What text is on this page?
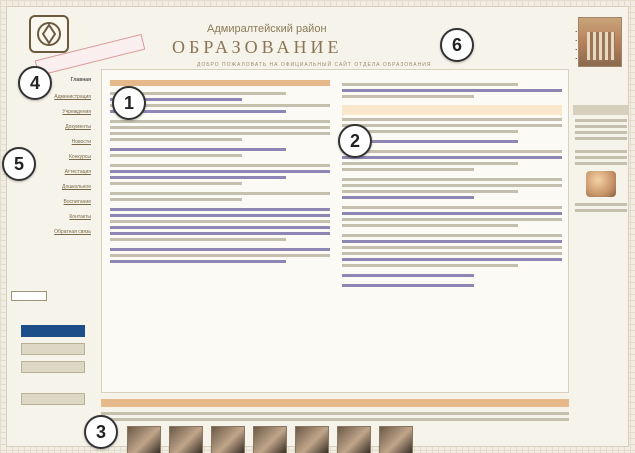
Адмиралтейский район
ОБРАЗОВАНИЕ
ДОБРО ПОЖАЛОВАТЬ НА ОФИЦИАЛЬНЫЙ САЙТ ОТДЕЛА ОБРАЗОВАНИЯ

Главная
Администрация
Учреждения
Документы
Новости
Конкурсы
Аттестация
Дошкольное
Воспитание
Контакты
Обратная связь
1
2
3
4
5
6
